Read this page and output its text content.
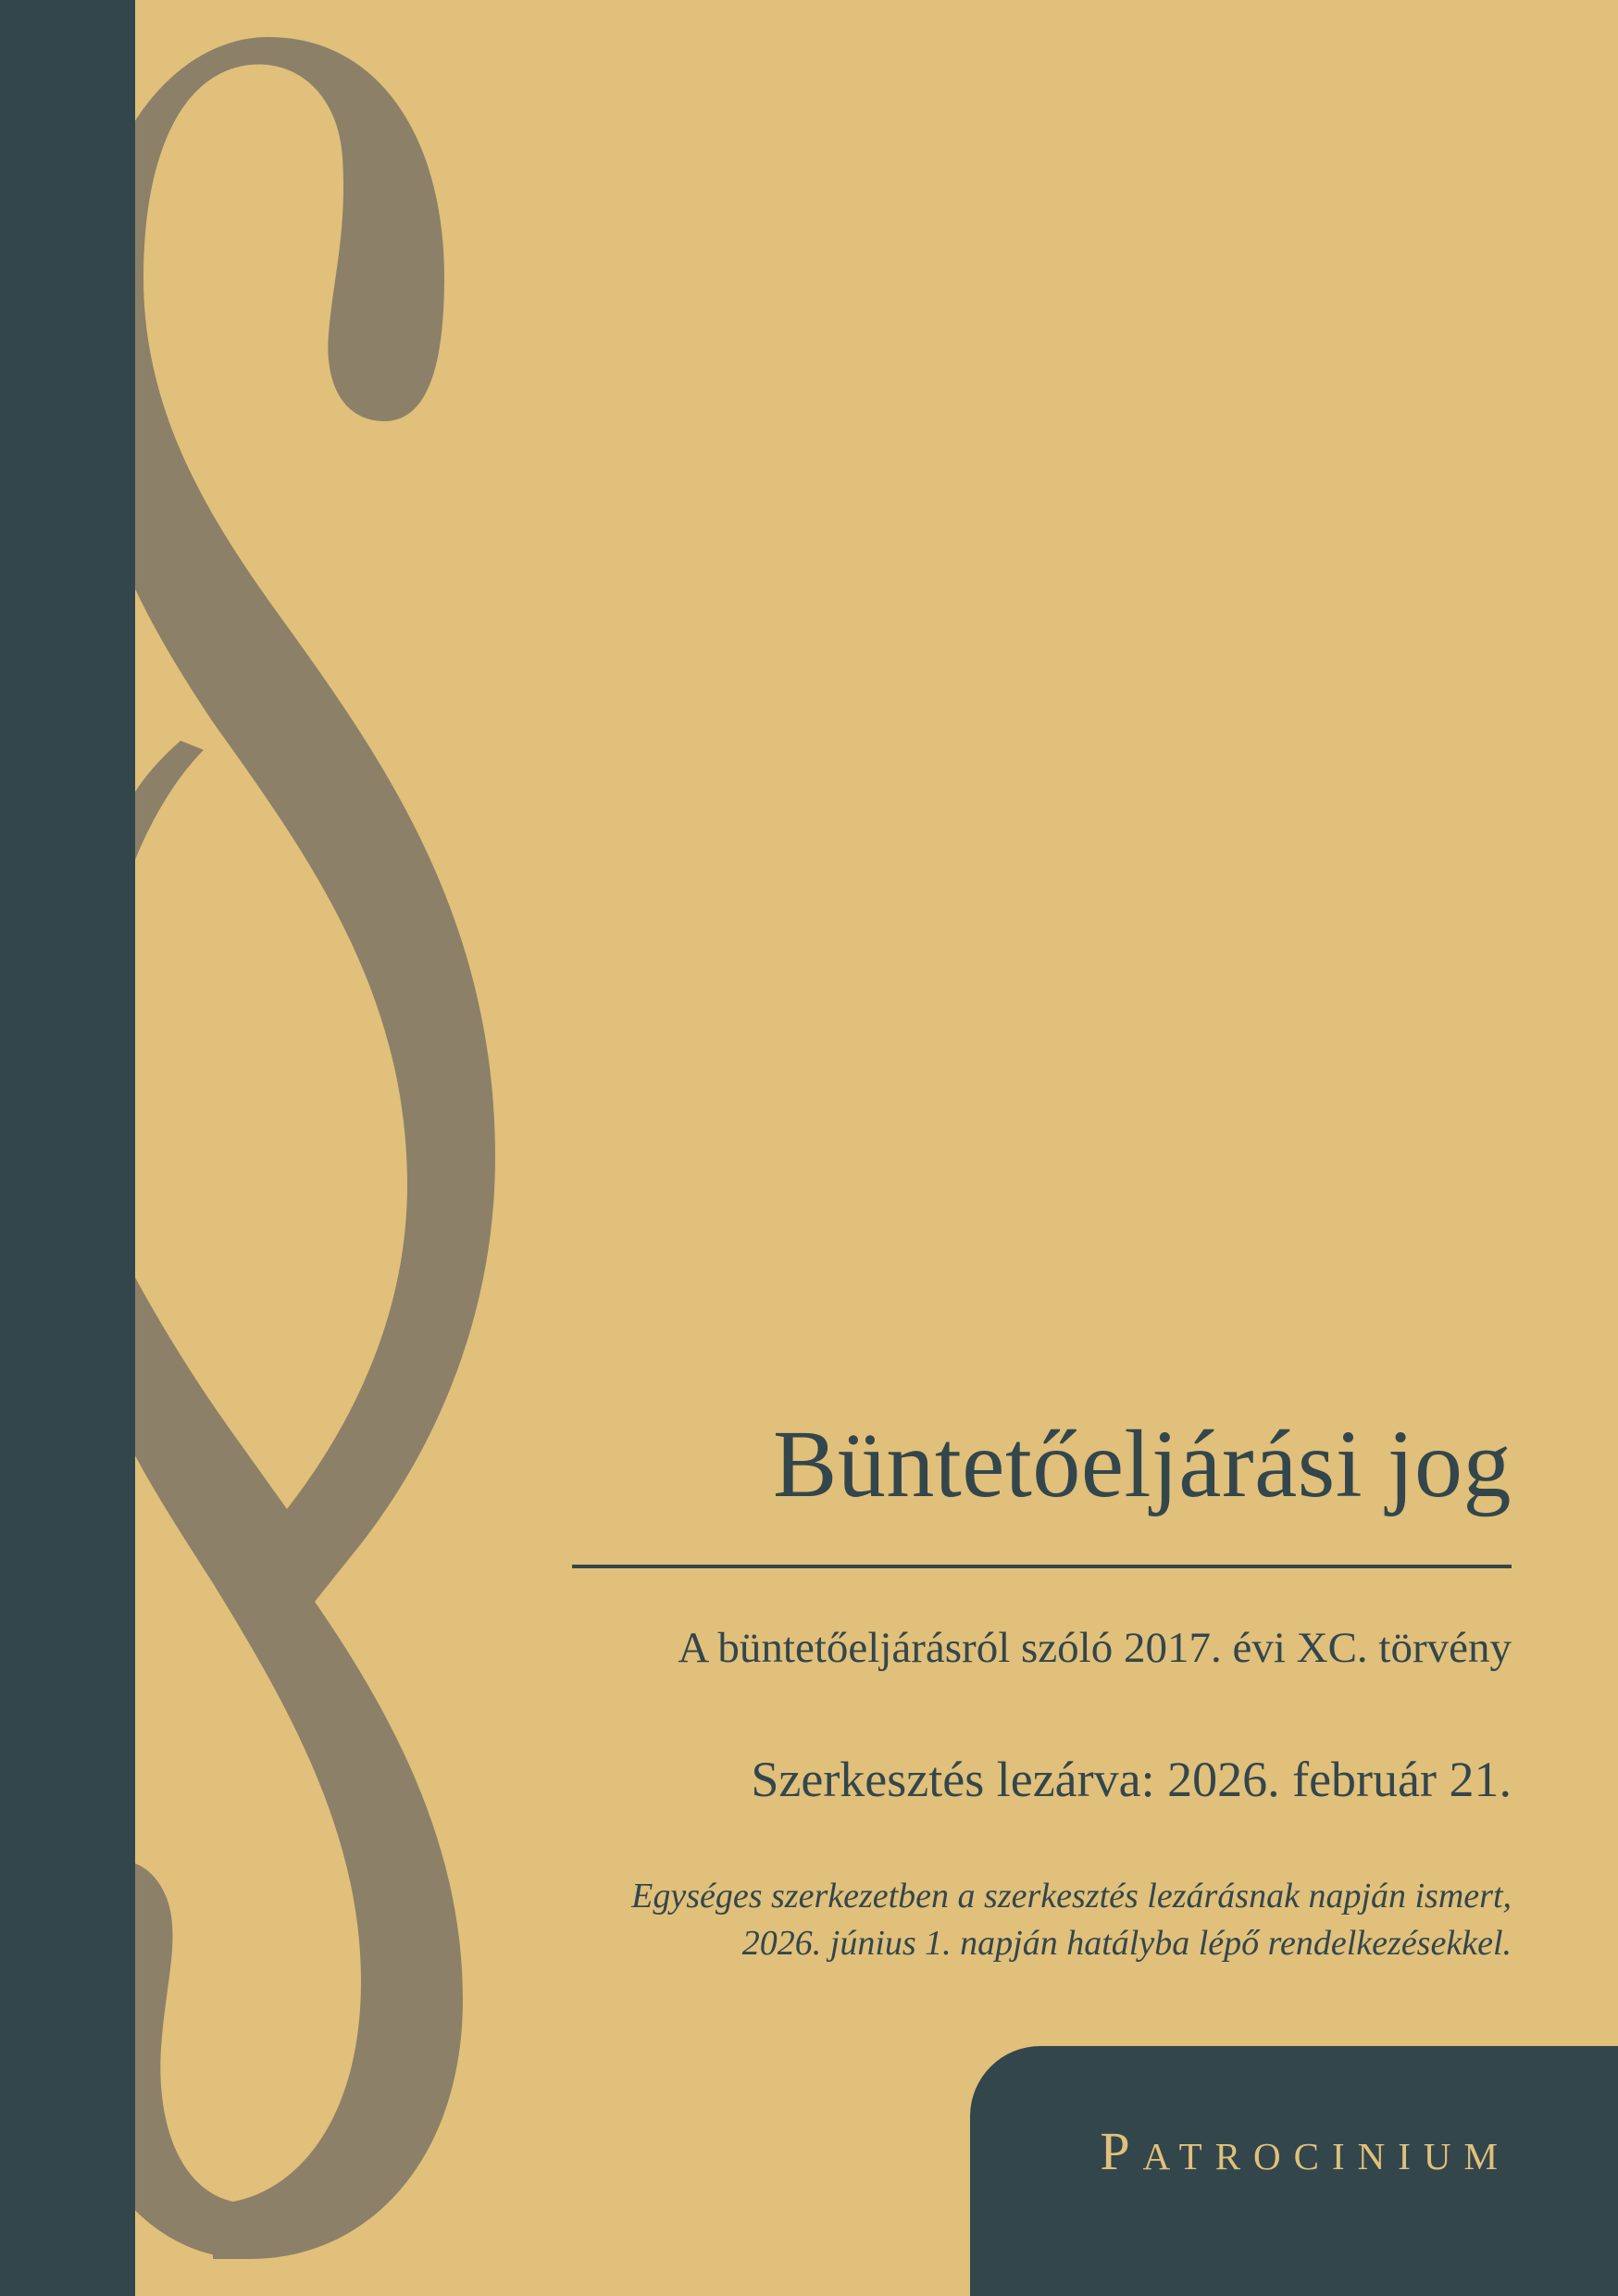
Büntetőeljárási jog
A büntetőeljárásról szóló 2017. évi XC. törvény
Szerkesztés lezárva: 2026. február 21.
Egységes szerkezetben a szerkesztés lezárásnak napján ismert,
2026. június 1. napján hatályba lépő rendelkezésekkel.
Patrocinium
